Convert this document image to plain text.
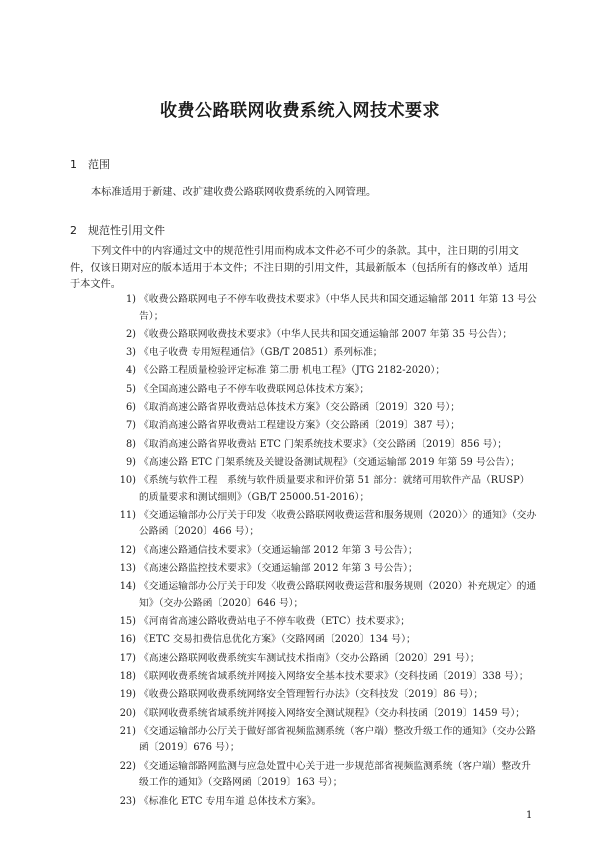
收费公路联网收费系统入网技术要求
1 范围
本标准适用于新建、改扩建收费公路联网收费系统的入网管理。
2 规范性引用文件
下列文件中的内容通过文中的规范性引用而构成本文件必不可少的条款。其中，注日期的引用文件，仅该日期对应的版本适用于本文件；不注日期的引用文件，其最新版本（包括所有的修改单）适用于本文件。
1) 《收费公路联网电子不停车收费技术要求》（中华人民共和国交通运输部 2011 年第 13 号公告）；
2) 《收费公路联网收费技术要求》（中华人民共和国交通运输部 2007 年第 35 号公告）；
3) 《电子收费 专用短程通信》（GB/T 20851）系列标准；
4) 《公路工程质量检验评定标准 第二册 机电工程》（JTG 2182-2020）；
5) 《全国高速公路电子不停车收费联网总体技术方案》；
6) 《取消高速公路省界收费站总体技术方案》（交公路函〔2019〕320 号）；
7) 《取消高速公路省界收费站工程建设方案》（交公路函〔2019〕387 号）；
8) 《取消高速公路省界收费站 ETC 门架系统技术要求》（交公路函〔2019〕856 号）；
9) 《高速公路 ETC 门架系统及关键设备测试规程》（交通运输部 2019 年第 59 号公告）；
10) 《系统与软件工程　系统与软件质量要求和评价第 51 部分：就绪可用软件产品（RUSP）的质量要求和测试细则》（GB/T 25000.51-2016）；
11) 《交通运输部办公厅关于印发〈收费公路联网收费运营和服务规则（2020）〉的通知》（交办公路函〔2020〕466 号）；
12) 《高速公路通信技术要求》（交通运输部 2012 年第 3 号公告）；
13) 《高速公路监控技术要求》（交通运输部 2012 年第 3 号公告）；
14) 《交通运输部办公厅关于印发〈收费公路联网收费运营和服务规则（2020）补充规定〉的通知》（交办公路函〔2020〕646 号）；
15) 《河南省高速公路收费站电子不停车收费（ETC）技术要求》；
16) 《ETC 交易扣费信息优化方案》（交路网函〔2020〕134 号）；
17) 《高速公路联网收费系统实车测试技术指南》（交办公路函〔2020〕291 号）；
18) 《联网收费系统省域系统并网接入网络安全基本技术要求》（交科技函〔2019〕338 号）；
19) 《收费公路联网收费系统网络安全管理暂行办法》（交科技发〔2019〕86 号）；
20) 《联网收费系统省域系统并网接入网络安全测试规程》（交办科技函〔2019〕1459 号）；
21) 《交通运输部办公厅关于做好部省视频监测系统（客户端）整改升级工作的通知》（交办公路函〔2019〕676 号）；
22) 《交通运输部路网监测与应急处置中心关于进一步规范部省视频监测系统（客户端）整改升级工作的通知》（交路网函〔2019〕163 号）；
23) 《标准化 ETC 专用车道 总体技术方案》。
1
